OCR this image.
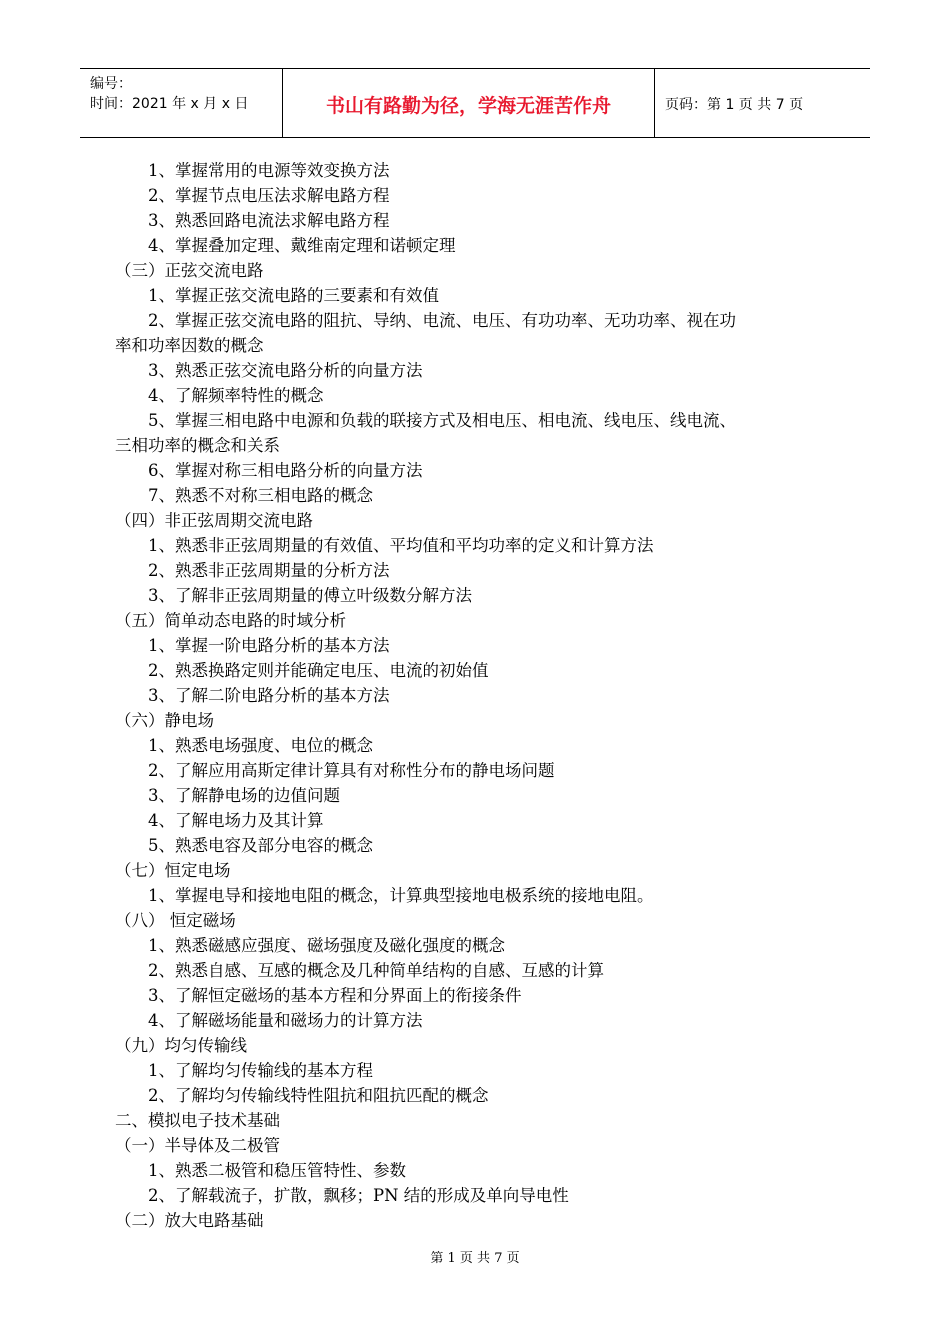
编号：
时间：2021 年 x 月 x 日	书山有路勤为径，学海无涯苦作舟	页码：第 1 页 共 7 页
1、掌握常用的电源等效变换方法
2、掌握节点电压法求解电路方程
3、熟悉回路电流法求解电路方程
4、掌握叠加定理、戴维南定理和诺顿定理
（三）正弦交流电路
1、掌握正弦交流电路的三要素和有效值
2、掌握正弦交流电路的阻抗、导纳、电流、电压、有功功率、无功功率、视在功
率和功率因数的概念
3、熟悉正弦交流电路分析的向量方法
4、了解频率特性的概念
5、掌握三相电路中电源和负载的联接方式及相电压、相电流、线电压、线电流、
三相功率的概念和关系
6、掌握对称三相电路分析的向量方法
7、熟悉不对称三相电路的概念
（四）非正弦周期交流电路
1、熟悉非正弦周期量的有效值、平均值和平均功率的定义和计算方法
2、熟悉非正弦周期量的分析方法
3、了解非正弦周期量的傅立叶级数分解方法
（五）简单动态电路的时域分析
1、掌握一阶电路分析的基本方法
2、熟悉换路定则并能确定电压、电流的初始值
3、了解二阶电路分析的基本方法
（六）静电场
1、熟悉电场强度、电位的概念
2、了解应用高斯定律计算具有对称性分布的静电场问题
3、了解静电场的边值问题
4、了解电场力及其计算
5、熟悉电容及部分电容的概念
（七）恒定电场
1、掌握电导和接地电阻的概念，计算典型接地电极系统的接地电阻。
（八） 恒定磁场
1、熟悉磁感应强度、磁场强度及磁化强度的概念
2、熟悉自感、互感的概念及几种简单结构的自感、互感的计算
3、了解恒定磁场的基本方程和分界面上的衔接条件
4、了解磁场能量和磁场力的计算方法
（九）均匀传输线
1、了解均匀传输线的基本方程
2、了解均匀传输线特性阻抗和阻抗匹配的概念
二、模拟电子技术基础
（一）半导体及二极管
1、熟悉二极管和稳压管特性、参数
2、了解载流子，扩散，飘移；PN 结的形成及单向导电性
（二）放大电路基础
第 1 页 共 7 页
